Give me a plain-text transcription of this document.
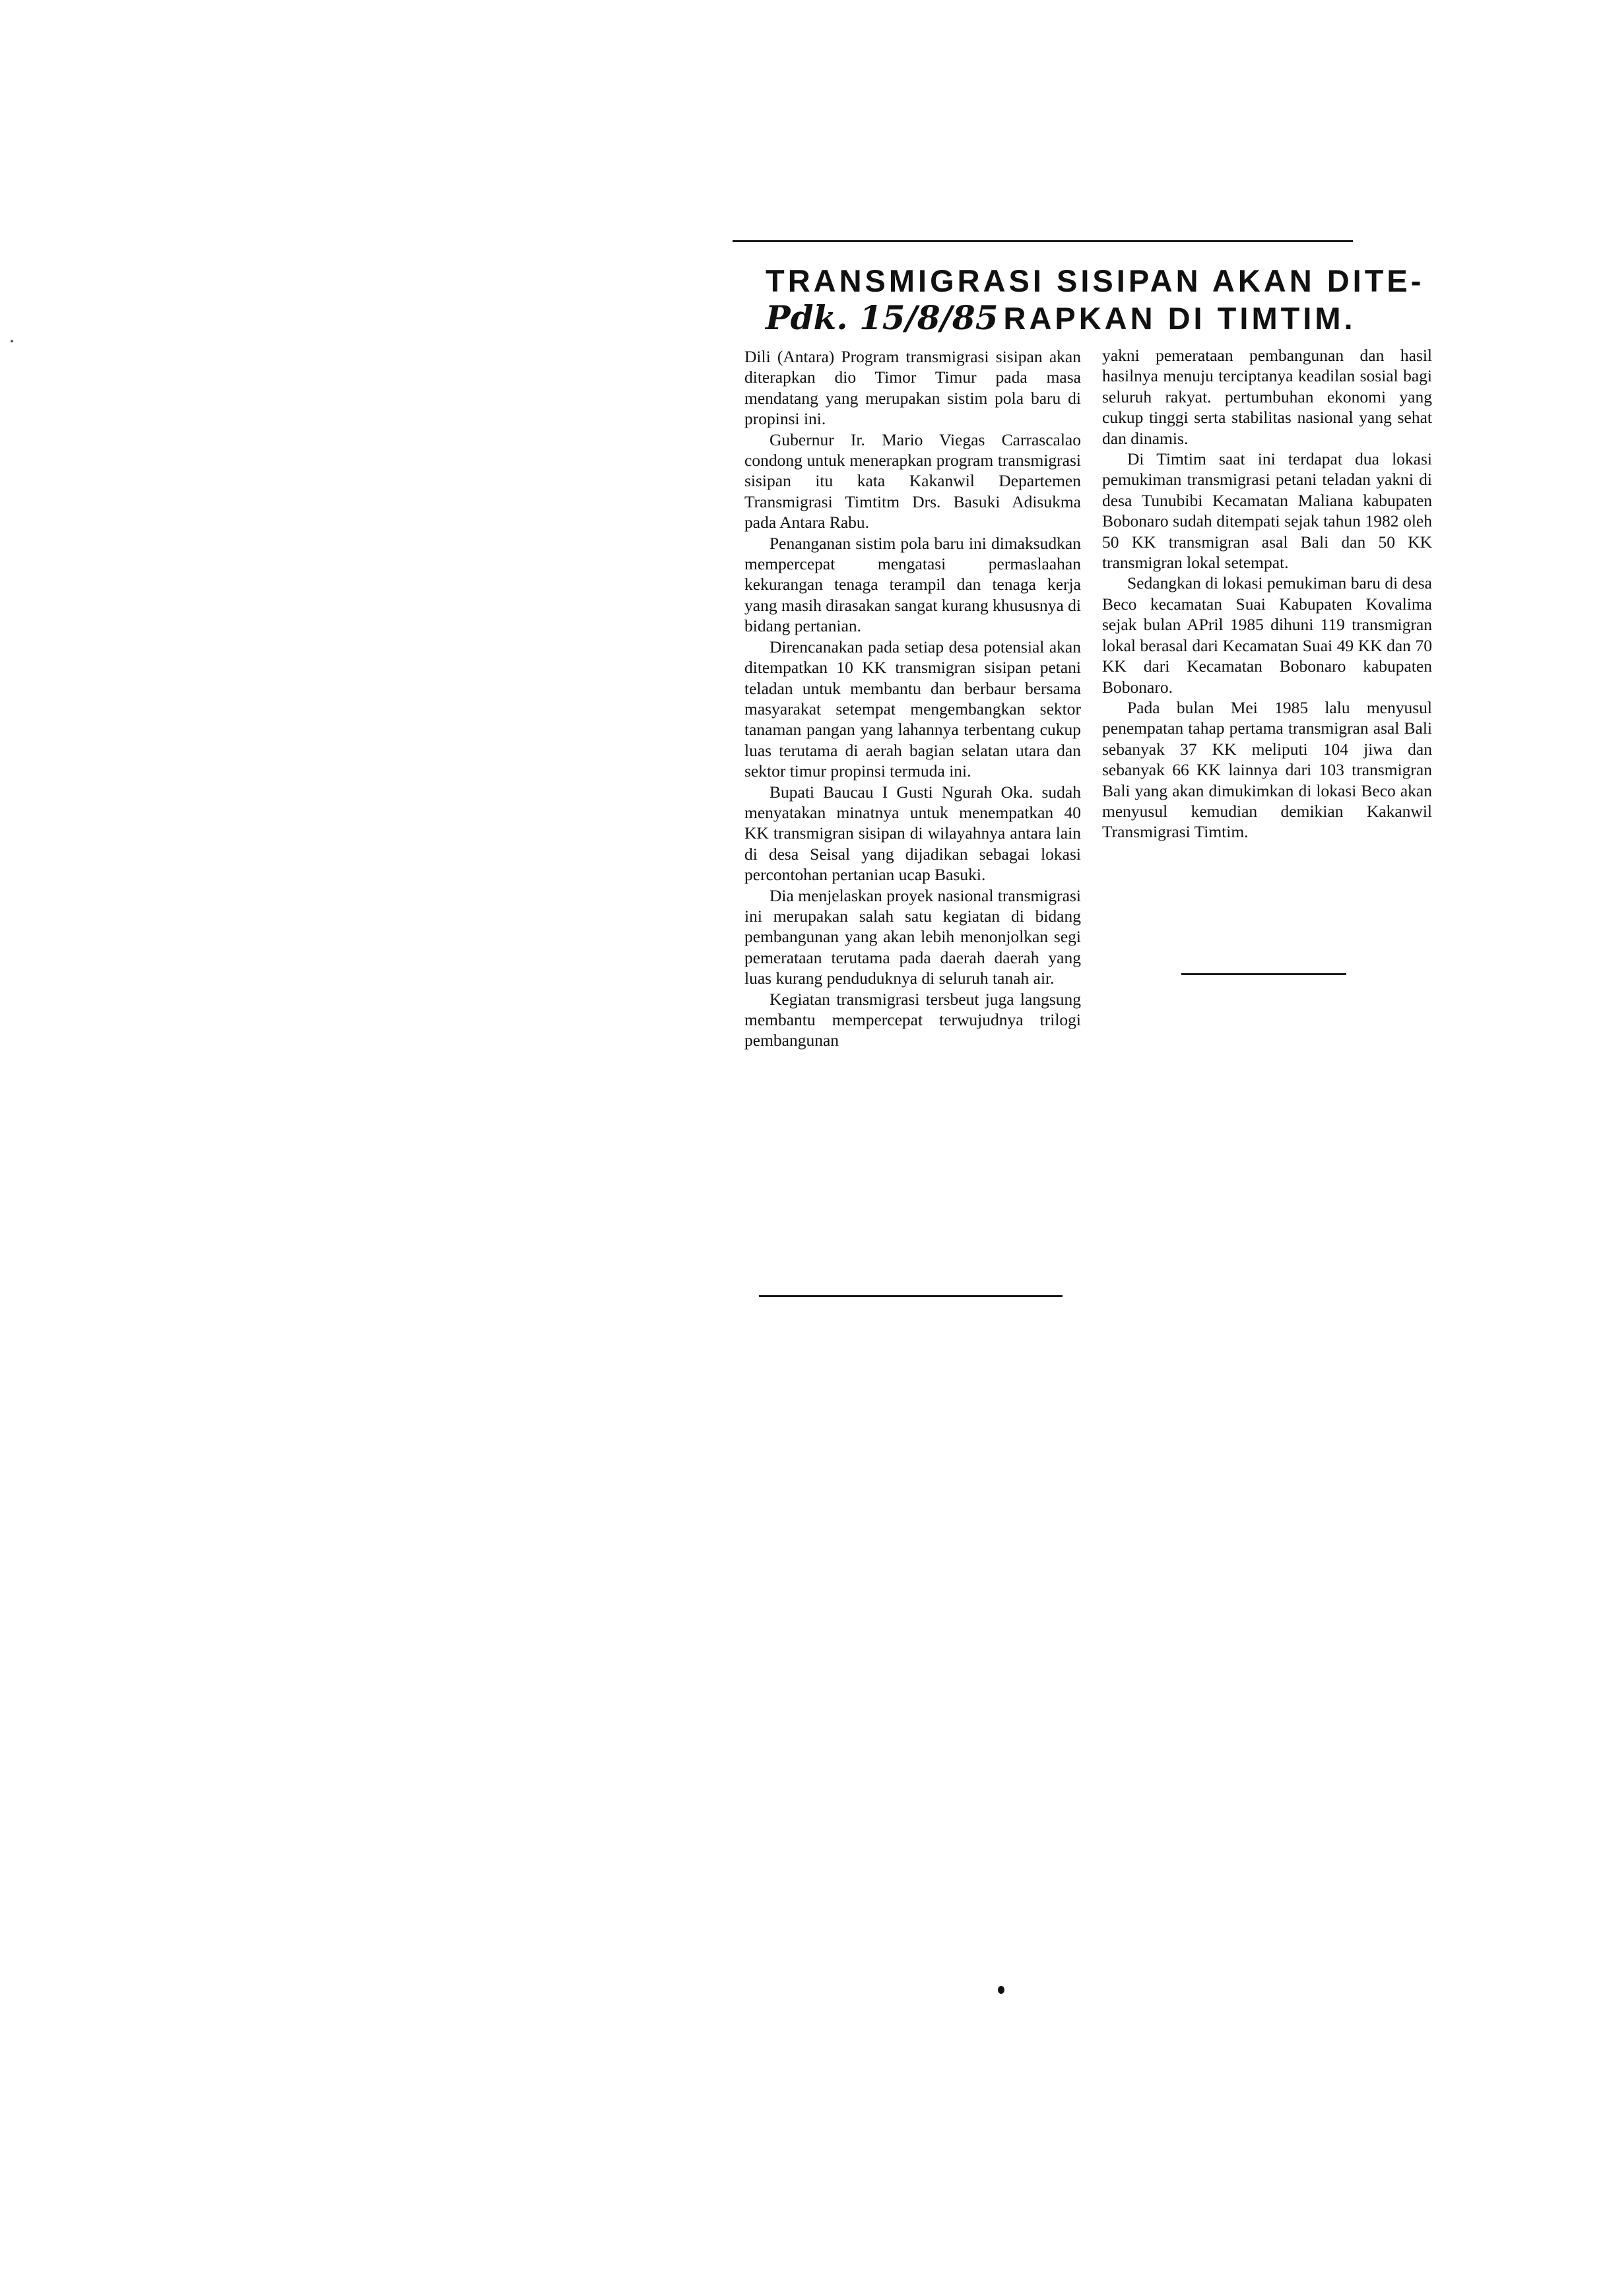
TRANSMIGRASI SISIPAN AKAN DITE-
Pdk. 15/8/85 RAPKAN DI TIMTIM.

Dili (Antara) Program transmigrasi sisipan akan diterapkan dio Timor Timur pada masa mendatang yang merupakan sistim pola baru di propinsi ini.

Gubernur Ir. Mario Viegas Carrascalao condong untuk menerapkan program transmigrasi sisipan itu kata Kakanwil Departemen Transmigrasi Timtitm Drs. Basuki Adisukma pada Antara Rabu.

Penanganan sistim pola baru ini dimaksudkan mempercepat mengatasi permaslaahan kekurangan tenaga terampil dan tenaga kerja yang masih dirasakan sangat kurang khususnya di bidang pertanian.

Direncanakan pada setiap desa potensial akan ditempatkan 10 KK transmigran sisipan petani teladan untuk membantu dan berbaur bersama masyarakat setempat mengembangkan sektor tanaman pangan yang lahannya terbentang cukup luas terutama di aerah bagian selatan utara dan sektor timur propinsi termuda ini.

Bupati Baucau I Gusti Ngurah Oka. sudah menyatakan minatnya untuk menempatkan 40 KK transmigran sisipan di wilayahnya antara lain di desa Seisal yang dijadikan sebagai lokasi percontohan pertanian ucap Basuki.

Dia menjelaskan proyek nasional transmigrasi ini merupakan salah satu kegiatan di bidang pembangunan yang akan lebih menonjolkan segi pemerataan terutama pada daerah daerah yang luas kurang penduduknya di seluruh tanah air.

Kegiatan transmigrasi tersbeut juga langsung membantu mempercepat terwujudnya trilogi pembangunan

yakni pemerataan pembangunan dan hasil hasilnya menuju terciptanya keadilan sosial bagi seluruh rakyat. pertumbuhan ekonomi yang cukup tinggi serta stabilitas nasional yang sehat dan dinamis.

Di Timtim saat ini terdapat dua lokasi pemukiman transmigrasi petani teladan yakni di desa Tunubibi Kecamatan Maliana kabupaten Bobonaro sudah ditempati sejak tahun 1982 oleh 50 KK transmigran asal Bali dan 50 KK transmigran lokal setempat.

Sedangkan di lokasi pemukiman baru di desa Beco kecamatan Suai Kabupaten Kovalima sejak bulan APril 1985 dihuni 119 transmigran lokal berasal dari Kecamatan Suai 49 KK dan 70 KK dari Kecamatan Bobonaro kabupaten Bobonaro.

Pada bulan Mei 1985 lalu menyusul penempatan tahap pertama transmigran asal Bali sebanyak 37 KK meliputi 104 jiwa dan sebanyak 66 KK lainnya dari 103 transmigran Bali yang akan dimukimkan di lokasi Beco akan menyusul kemudian demikian Kakanwil Transmigrasi Timtim.
